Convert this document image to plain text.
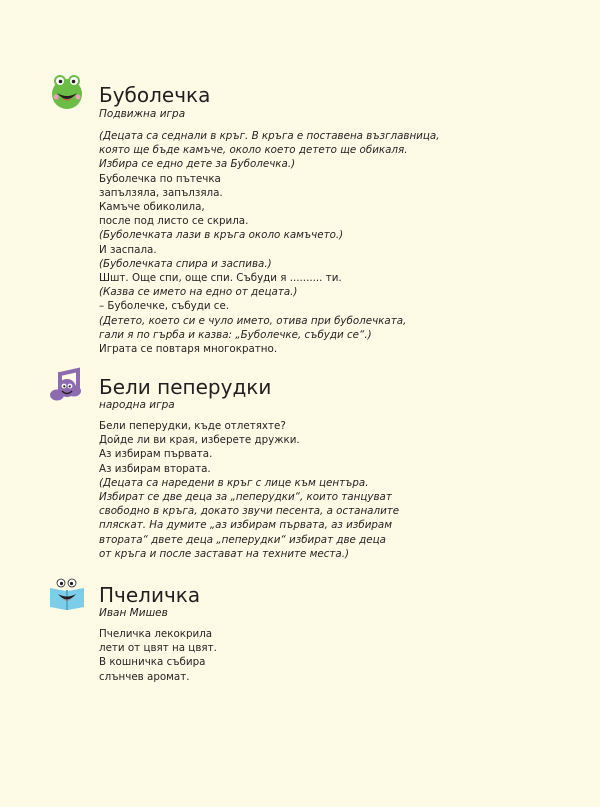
Буболечка
Подвижна игра
(Децата са седнали в кръг. В кръга е поставена възглавница,
която ще бъде камъче, около което детето ще обикаля.
Избира се едно дете за Буболечка.)
Буболечка по пътечка
запълзяла, запълзяла.
Камъче обиколила,
после под листо се скрила.
(Буболечката лази в кръга около камъчето.)
И заспала.
(Буболечката спира и заспива.)
Шшт. Още спи, още спи. Събуди я .......... ти.
(Казва се името на едно от децата.)
– Буболечке, събуди се.
(Детето, което си е чуло името, отива при буболечката,
гали я по гърба и казва: „Буболечке, събуди се“.)
Играта се повтаря многократно.
Бели пеперудки
народна игра
Бели пеперудки, къде отлетяхте?
Дойде ли ви края, изберете дружки.
Аз избирам първата.
Аз избирам втората.
(Децата са наредени в кръг с лице към центъра.
Избират се две деца за „пеперудки“, които танцуват
свободно в кръга, докато звучи песента, а останалите
пляскат. На думите „аз избирам първата, аз избирам
втората“ двете деца „пеперудки“ избират две деца
от кръга и после застават на техните места.)
Пчеличка
Иван Мишев
Пчеличка лекокрила
лети от цвят на цвят.
В кошничка събира
слънчев аромат.
